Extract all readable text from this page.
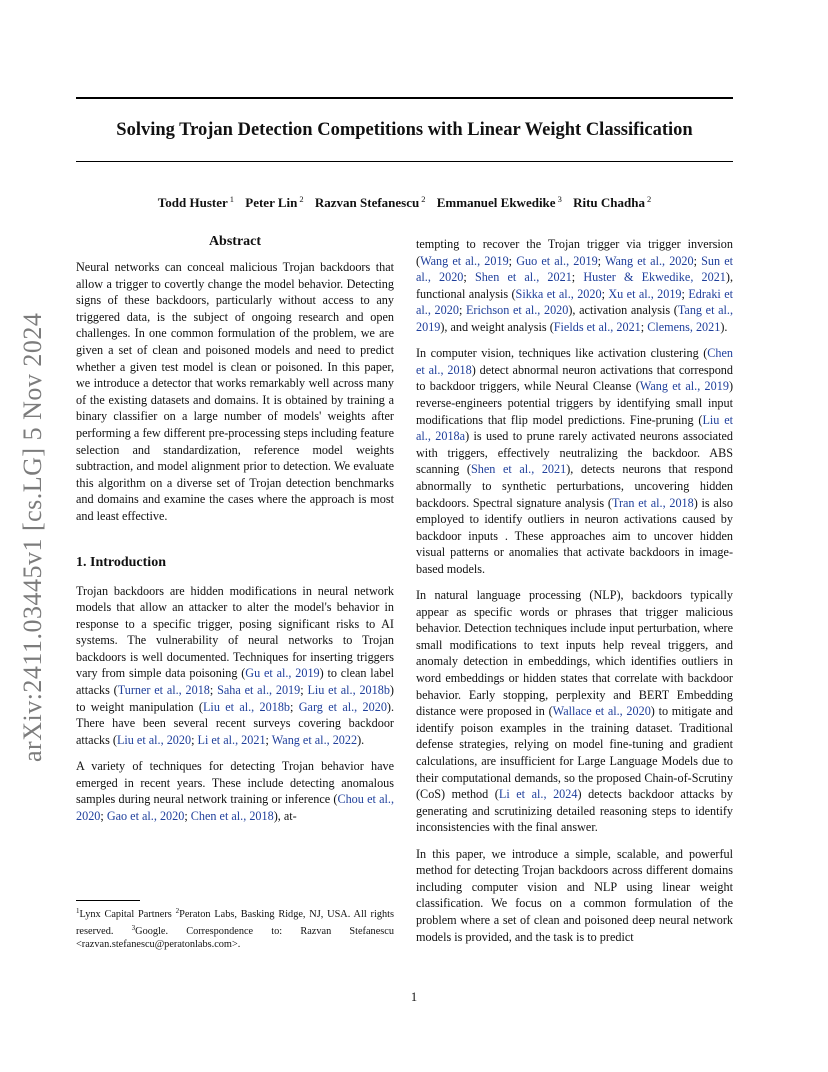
arXiv:2411.03445v1 [cs.LG] 5 Nov 2024
Solving Trojan Detection Competitions with Linear Weight Classification
Todd Huster $^1$ Peter Lin $^2$ Razvan Stefanescu $^2$ Emmanuel Ekwedike $^3$ Ritu Chadha $^2$
Abstract

Neural networks can conceal malicious Trojan backdoors that allow a trigger to covertly change the model behavior. Detecting signs of these backdoors, particularly without access to any triggered data, is the subject of ongoing research and open challenges. In one common formulation of the problem, we are given a set of clean and poisoned models and need to predict whether a given test model is clean or poisoned. In this paper, we introduce a detector that works remarkably well across many of the existing datasets and domains. It is obtained by training a binary classifier on a large number of models' weights after performing a few different pre-processing steps including feature selection and standardization, reference model weights subtraction, and model alignment prior to detection. We evaluate this algorithm on a diverse set of Trojan detection benchmarks and domains and examine the cases where the approach is most and least effective.

1. Introduction

Trojan backdoors are hidden modifications in neural network models that allow an attacker to alter the model's behavior in response to a specific trigger, posing significant risks to AI systems. The vulnerability of neural networks to Trojan backdoors is well documented. Techniques for inserting triggers vary from simple data poisoning (Gu et al., 2019) to clean label attacks (Turner et al., 2018; Saha et al., 2019; Liu et al., 2018b) to weight manipulation (Liu et al., 2018b; Garg et al., 2020). There have been several recent surveys covering backdoor attacks (Liu et al., 2020; Li et al., 2021; Wang et al., 2022).

A variety of techniques for detecting Trojan behavior have emerged in recent years. These include detecting anomalous samples during neural network training or inference (Chou et al., 2020; Gao et al., 2020; Chen et al., 2018), at-

tempting to recover the Trojan trigger via trigger inversion (Wang et al., 2019; Guo et al., 2019; Wang et al., 2020; Sun et al., 2020; Shen et al., 2021; Huster & Ekwedike, 2021), functional analysis (Sikka et al., 2020; Xu et al., 2019; Edraki et al., 2020; Erichson et al., 2020), activation analysis (Tang et al., 2019), and weight analysis (Fields et al., 2021; Clemens, 2021).

In computer vision, techniques like activation clustering (Chen et al., 2018) detect abnormal neuron activations that correspond to backdoor triggers, while Neural Cleanse (Wang et al., 2019) reverse-engineers potential triggers by identifying small input modifications that flip model predictions. Fine-pruning (Liu et al., 2018a) is used to prune rarely activated neurons associated with triggers, effectively neutralizing the backdoor. ABS scanning (Shen et al., 2021), detects neurons that respond abnormally to synthetic perturbations, uncovering hidden backdoors. Spectral signature analysis (Tran et al., 2018) is also employed to identify outliers in neuron activations caused by backdoor inputs . These approaches aim to uncover hidden visual patterns or anomalies that activate backdoors in image-based models.

In natural language processing (NLP), backdoors typically appear as specific words or phrases that trigger malicious behavior. Detection techniques include input perturbation, where small modifications to text inputs help reveal triggers, and anomaly detection in embeddings, which identifies outliers in word embeddings or hidden states that correlate with backdoor behavior. Early stopping, perplexity and BERT Embedding distance were proposed in (Wallace et al., 2020) to mitigate and identify poison examples in the training dataset. Traditional defense strategies, relying on model fine-tuning and gradient calculations, are insufficient for Large Language Models due to their computational demands, so the proposed Chain-of-Scrutiny (CoS) method (Li et al., 2024) detects backdoor attacks by generating and scrutinizing detailed reasoning steps to identify inconsistencies with the final answer.

In this paper, we introduce a simple, scalable, and powerful method for detecting Trojan backdoors across different domains including computer vision and NLP using linear weight classification. We focus on a common formulation of the problem where a set of clean and poisoned deep neural network models is provided, and the task is to predict

$^1$Lynx Capital Partners $^2$Peraton Labs, Basking Ridge, NJ, USA. All rights reserved. $^3$Google. Correspondence to: Razvan Stefanescu <razvan.stefanescu@peratonlabs.com>.
1
